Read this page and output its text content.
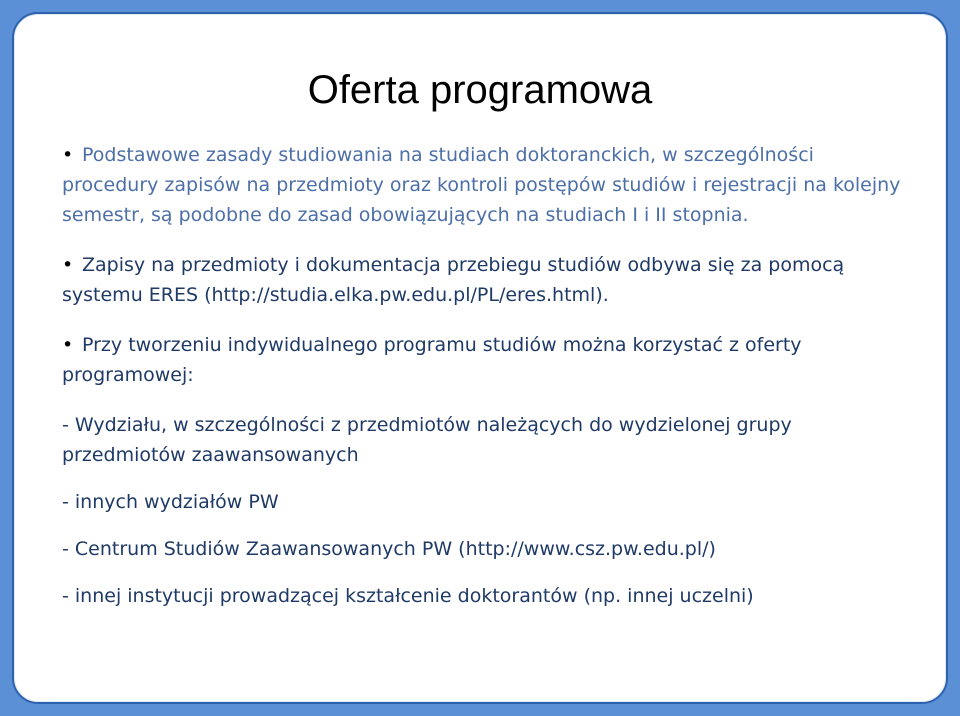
Oferta programowa

• Podstawowe zasady studiowania na studiach doktoranckich, w szczególności procedury zapisów na przedmioty oraz kontroli postępów studiów i rejestracji na kolejny semestr, są podobne do zasad obowiązujących na studiach I i II stopnia.

• Zapisy na przedmioty i dokumentacja przebiegu studiów odbywa się za pomocą systemu ERES (http://studia.elka.pw.edu.pl/PL/eres.html).

• Przy tworzeniu indywidualnego programu studiów można korzystać z oferty programowej:

- Wydziału, w szczególności z przedmiotów należących do wydzielonej grupy przedmiotów zaawansowanych

- innych wydziałów PW

- Centrum Studiów Zaawansowanych PW (http://www.csz.pw.edu.pl/)

- innej instytucji prowadzącej kształcenie doktorantów (np. innej uczelni)
